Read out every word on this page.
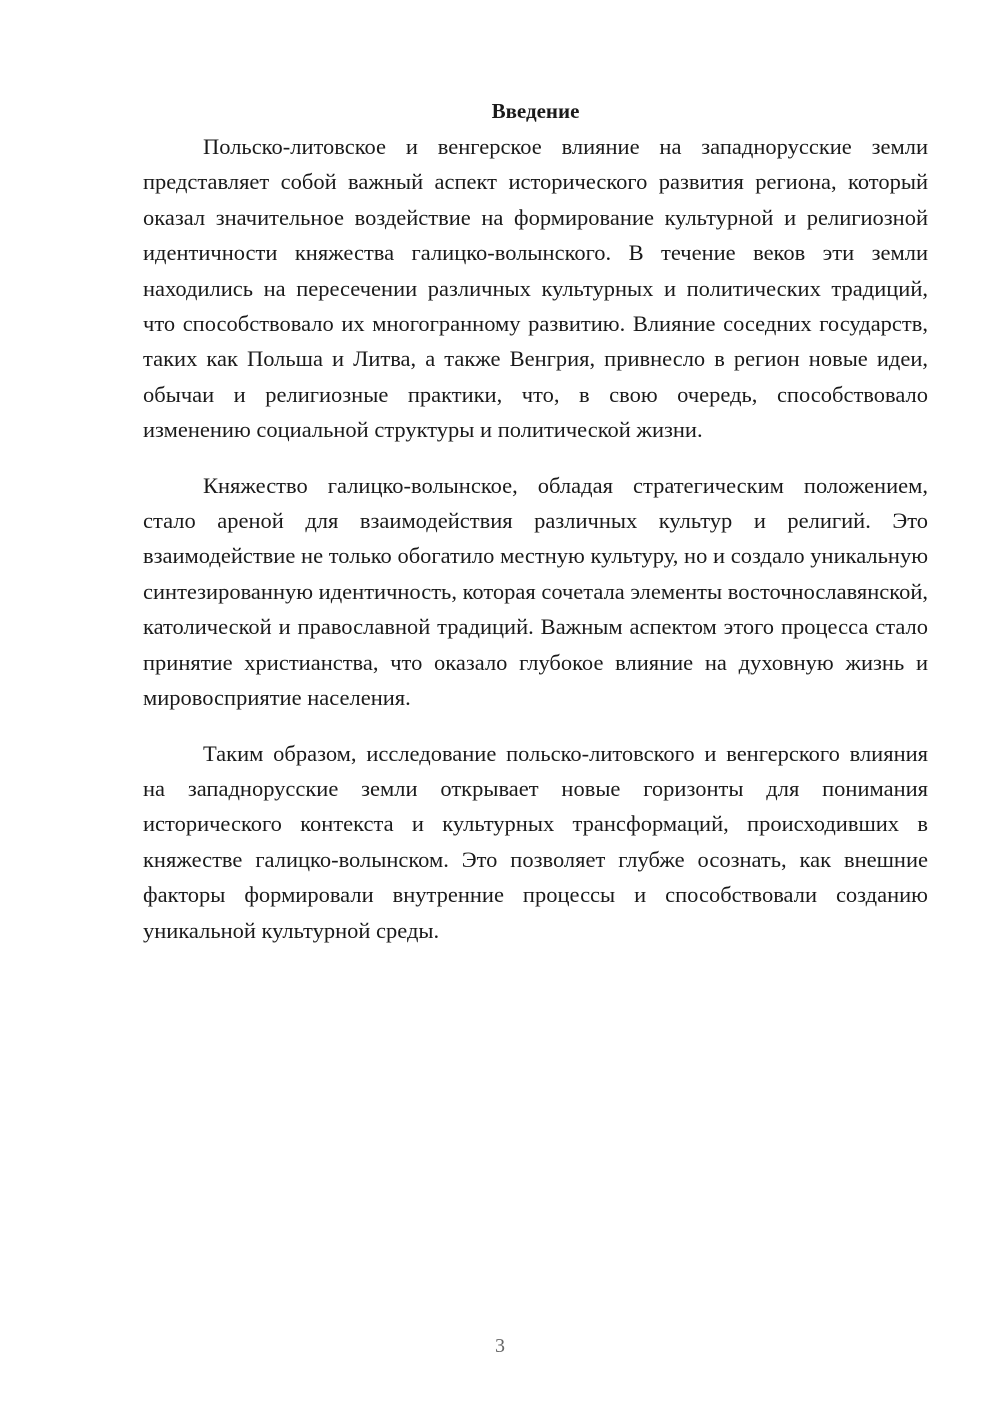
Введение

Польско-литовское и венгерское влияние на западнорусские земли представляет собой важный аспект исторического развития региона, который оказал значительное воздействие на формирование культурной и религиозной идентичности княжества галицко-волынского. В течение веков эти земли находились на пересечении различных культурных и политических традиций, что способствовало их многогранному развитию. Влияние соседних государств, таких как Польша и Литва, а также Венгрия, привнесло в регион новые идеи, обычаи и религиозные практики, что, в свою очередь, способствовало изменению социальной структуры и политической жизни.

Княжество галицко-волынское, обладая стратегическим положением, стало ареной для взаимодействия различных культур и религий. Это взаимодействие не только обогатило местную культуру, но и создало уникальную синтезированную идентичность, которая сочетала элементы восточнославянской, католической и православной традиций. Важным аспектом этого процесса стало принятие христианства, что оказало глубокое влияние на духовную жизнь и мировосприятие населения.

Таким образом, исследование польско-литовского и венгерского влияния на западнорусские земли открывает новые горизонты для понимания исторического контекста и культурных трансформаций, происходивших в княжестве галицко-волынском. Это позволяет глубже осознать, как внешние факторы формировали внутренние процессы и способствовали созданию уникальной культурной среды.

3
